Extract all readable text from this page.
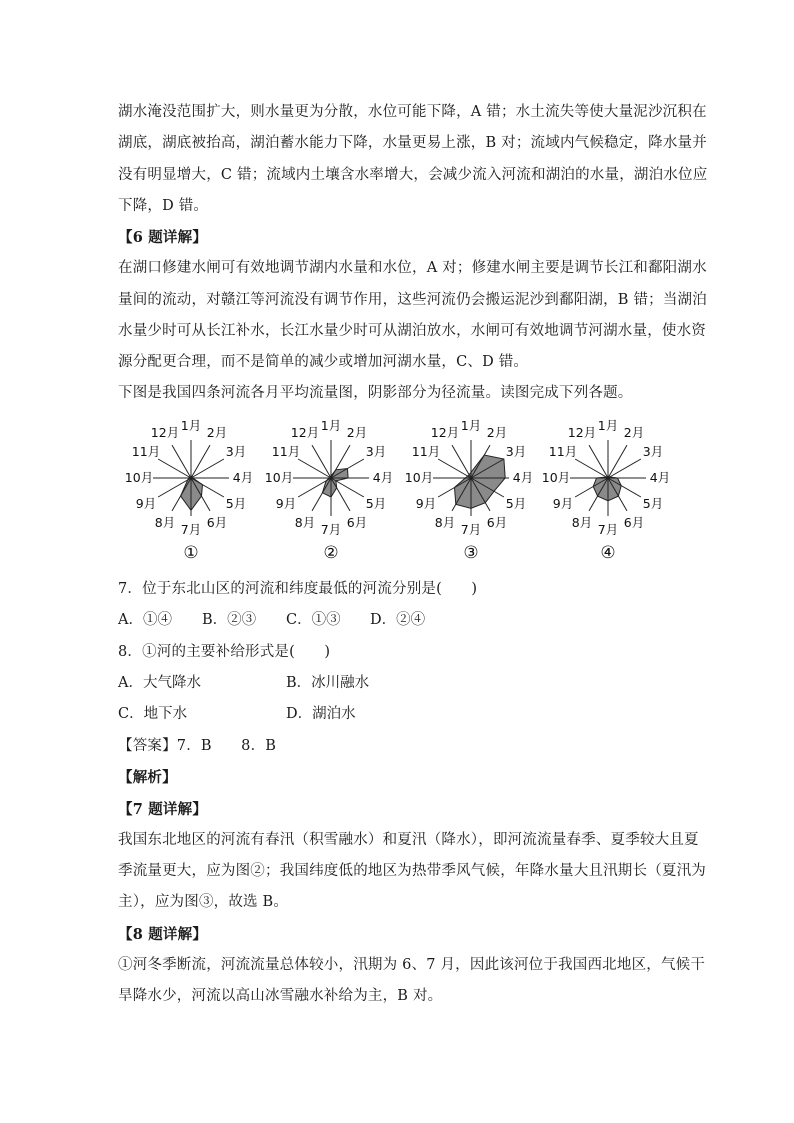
湖水淹没范围扩大，则水量更为分散，水位可能下降，A 错；水土流失等使大量泥沙沉积在
湖底，湖底被抬高，湖泊蓄水能力下降，水量更易上涨，B 对；流域内气候稳定，降水量并
没有明显增大，C 错；流域内土壤含水率增大，会减少流入河流和湖泊的水量，湖泊水位应
下降，D 错。
【6 题详解】
在湖口修建水闸可有效地调节湖内水量和水位，A 对；修建水闸主要是调节长江和鄱阳湖水
量间的流动，对赣江等河流没有调节作用，这些河流仍会搬运泥沙到鄱阳湖，B 错；当湖泊
水量少时可从长江补水，长江水量少时可从湖泊放水，水闸可有效地调节河湖水量，使水资
源分配更合理，而不是简单的减少或增加河湖水量，C、D 错。
下图是我国四条河流各月平均流量图，阴影部分为径流量。读图完成下列各题。
1月 2月
3月
4月
5月
6月
7月
8月
9月
10月
11月
12月
①
1月 2月
3月
4月
5月
6月
7月
8月
9月
10月
11月
12月
②
1月 2月
3月
4月
5月
6月
7月
8月
9月
10月
11月
12月
③
1月 2月
3月
4月
5月
6月
7月
8月
9月
10月
11月
12月
④
7．位于东北山区的河流和纬度最低的河流分别是(　　)
A．①④ B．②③ C．①③ D．②④
8．①河的主要补给形式是(　　)
A．大气降水	B．冰川融水
C．地下水	D．湖泊水
【答案】7．B　　8．B
【解析】
【7 题详解】
我国东北地区的河流有春汛（积雪融水）和夏汛（降水），即河流流量春季、夏季较大且夏
季流量更大，应为图②；我国纬度低的地区为热带季风气候，年降水量大且汛期长（夏汛为
主），应为图③，故选 B。
【8 题详解】
①河冬季断流，河流流量总体较小，汛期为 6、7 月，因此该河位于我国西北地区，气候干
旱降水少，河流以高山冰雪融水补给为主，B 对。
